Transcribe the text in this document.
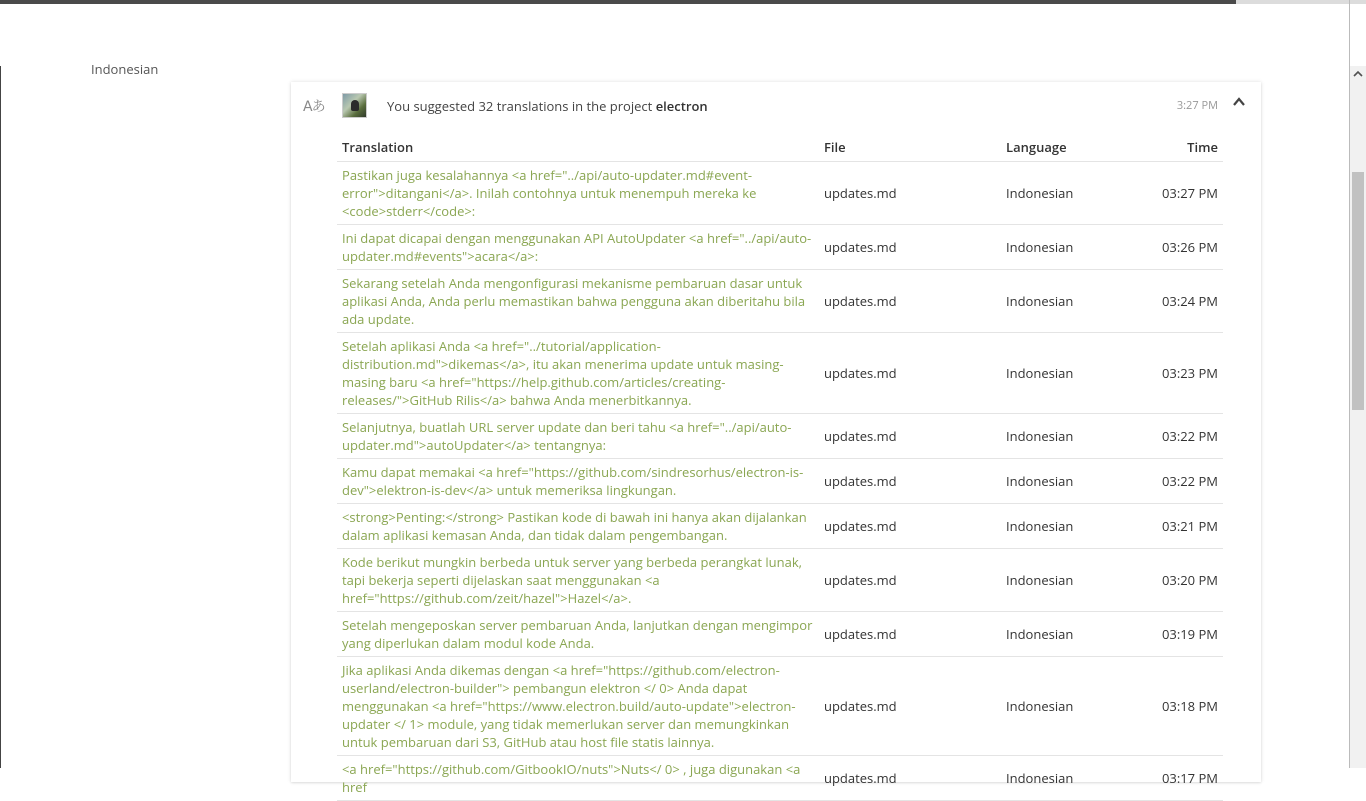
Indonesian
Aあ	You suggested 32 translations in the project electron	3:27 PM
Translation	File	Language	Time
Pastikan juga kesalahannya <a href="../api/auto-updater.md#event-error">ditangani</a>. Inilah contohnya untuk menempuh mereka ke <code>stderr</code>:	updates.md	Indonesian	03:27 PM
Ini dapat dicapai dengan menggunakan API AutoUpdater <a href="../api/auto-updater.md#events">acara</a>:	updates.md	Indonesian	03:26 PM
Sekarang setelah Anda mengonfigurasi mekanisme pembaruan dasar untuk aplikasi Anda, Anda perlu memastikan bahwa pengguna akan diberitahu bila ada update.	updates.md	Indonesian	03:24 PM
Setelah aplikasi Anda <a href="../tutorial/application-distribution.md">dikemas</a>, itu akan menerima update untuk masing-masing baru <a href="https://help.github.com/articles/creating-releases/">GitHub Rilis</a> bahwa Anda menerbitkannya.	updates.md	Indonesian	03:23 PM
Selanjutnya, buatlah URL server update dan beri tahu <a href="../api/auto-updater.md">autoUpdater</a> tentangnya:	updates.md	Indonesian	03:22 PM
Kamu dapat memakai <a href="https://github.com/sindresorhus/electron-is-dev">elektron-is-dev</a> untuk memeriksa lingkungan.	updates.md	Indonesian	03:22 PM
<strong>Penting:</strong> Pastikan kode di bawah ini hanya akan dijalankan dalam aplikasi kemasan Anda, dan tidak dalam pengembangan.	updates.md	Indonesian	03:21 PM
Kode berikut mungkin berbeda untuk server yang berbeda perangkat lunak, tapi bekerja seperti dijelaskan saat menggunakan <a href="https://github.com/zeit/hazel">Hazel</a>.	updates.md	Indonesian	03:20 PM
Setelah mengeposkan server pembaruan Anda, lanjutkan dengan mengimpor yang diperlukan dalam modul kode Anda.	updates.md	Indonesian	03:19 PM
Jika aplikasi Anda dikemas dengan <a href="https://github.com/electron-userland/electron-builder"> pembangun elektron </ 0> Anda dapat menggunakan <a href="https://www.electron.build/auto-update">electron-updater </ 1> module, yang tidak memerlukan server dan memungkinkan untuk pembaruan dari S3, GitHub atau host file statis lainnya.	updates.md	Indonesian	03:18 PM
<a href="https://github.com/GitbookIO/nuts">Nuts</ 0> , juga digunakan <a href	updates.md	Indonesian	03:17 PM
